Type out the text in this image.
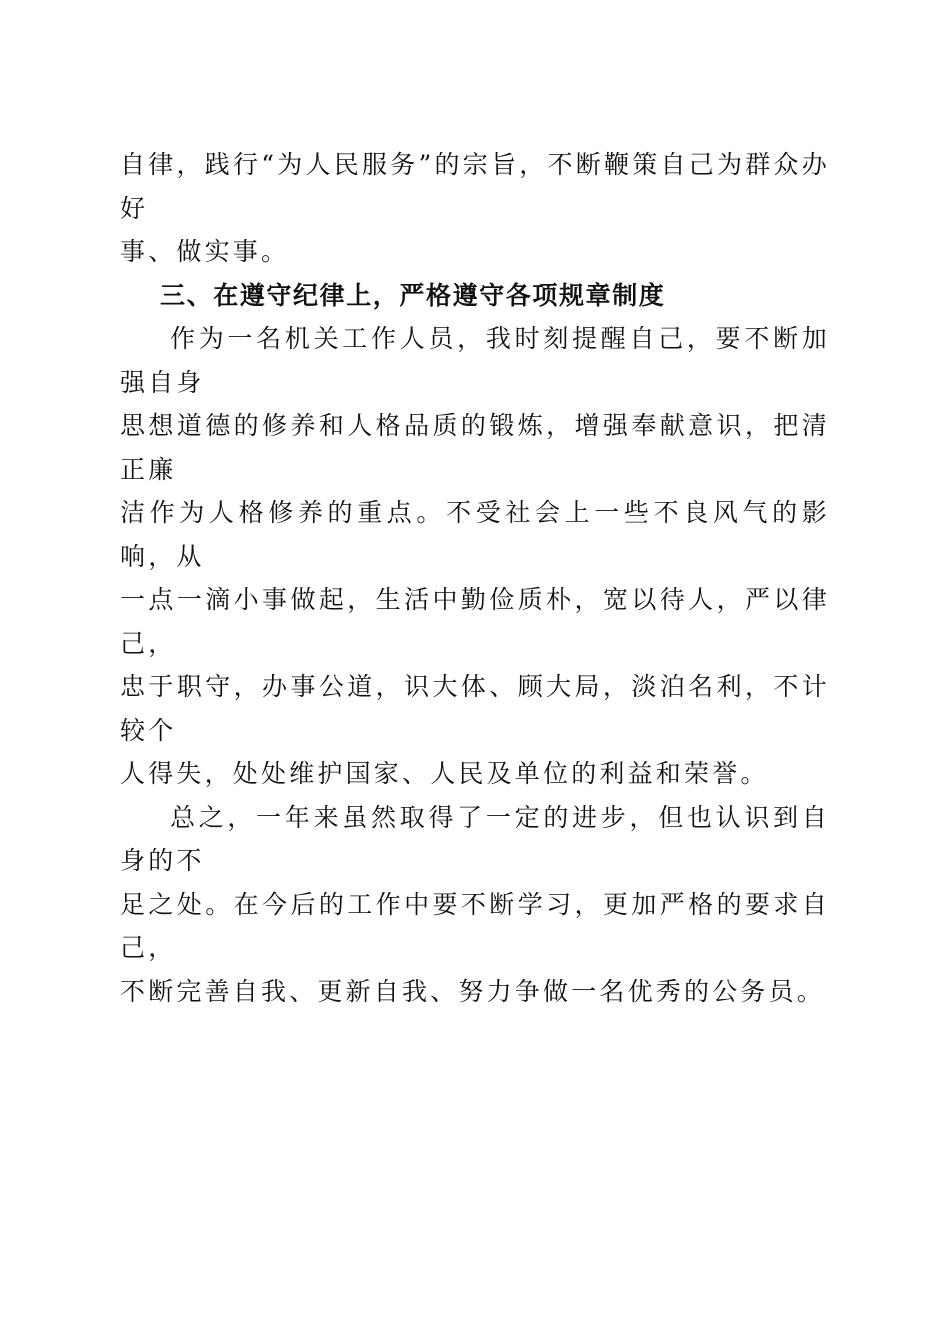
自律，践行“为人民服务”的宗旨，不断鞭策自己为群众办好
事、做实事。
三、在遵守纪律上，严格遵守各项规章制度
作为一名机关工作人员，我时刻提醒自己，要不断加强自身
思想道德的修养和人格品质的锻炼，增强奉献意识，把清正廉
洁作为人格修养的重点。不受社会上一些不良风气的影响，从
一点一滴小事做起，生活中勤俭质朴，宽以待人，严以律己，
忠于职守，办事公道，识大体、顾大局，淡泊名利，不计较个
人得失，处处维护国家、人民及单位的利益和荣誉。
总之，一年来虽然取得了一定的进步，但也认识到自身的不
足之处。在今后的工作中要不断学习，更加严格的要求自己，
不断完善自我、更新自我、努力争做一名优秀的公务员。
